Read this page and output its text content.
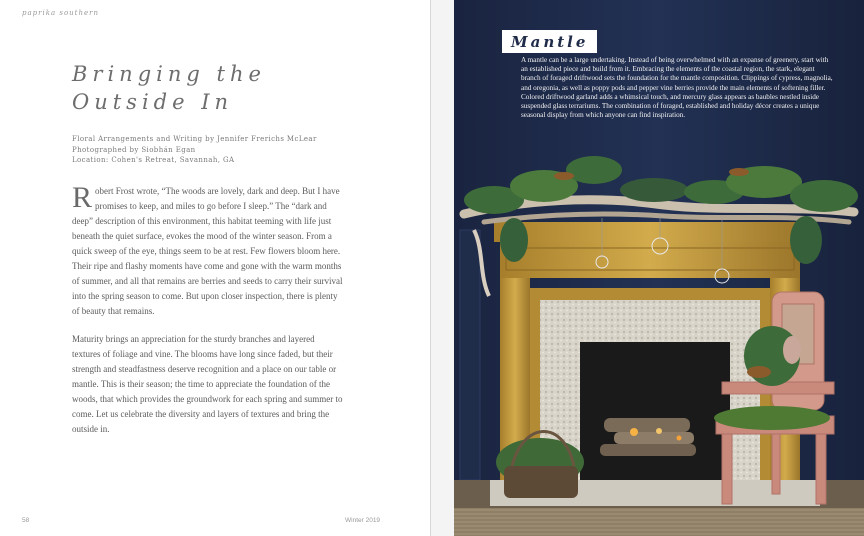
paprika southern
Bringing the
Outside In
Floral Arrangements and Writing by Jennifer Frerichs McLear
Photographed by Siobhán Egan
Location: Cohen's Retreat, Savannah, GA

Robert Frost wrote, “The woods are lovely, dark and deep. But I have promises to keep, and miles to go before I sleep.” The “dark and deep” description of this environment, this habitat teeming with life just beneath the quiet surface, evokes the mood of the winter season. From a quick sweep of the eye, things seem to be at rest. Few flowers bloom here. Their ripe and flashy moments have come and gone with the warm months of summer, and all that remains are berries and seeds to carry their survival into the spring season to come. But upon closer inspection, there is plenty of beauty that remains.

Maturity brings an appreciation for the sturdy branches and layered textures of foliage and vine. The blooms have long since faded, but their strength and steadfastness deserve recognition and a place on our table or mantle. This is their season; the time to appreciate the foundation of the woods, that which provides the groundwork for each spring and summer to come. Let us celebrate the diversity and layers of textures and bring the outside in.

58	Winter 2019
Mantle
A mantle can be a large undertaking. Instead of being overwhelmed with an expanse of greenery, start with an established piece and build from it. Embracing the elements of the coastal region, the stark, elegant branch of foraged driftwood sets the foundation for the mantle composition. Clippings of cypress, magnolia, and oregonia, as well as poppy pods and pepper vine berries provide the main elements of softening filler. Colored driftwood garland adds a whimsical touch, and mercury glass appears as baubles nestled inside suspended glass terrariums. The combination of foraged, established and holiday décor creates a unique seasonal display from which anyone can find inspiration.
